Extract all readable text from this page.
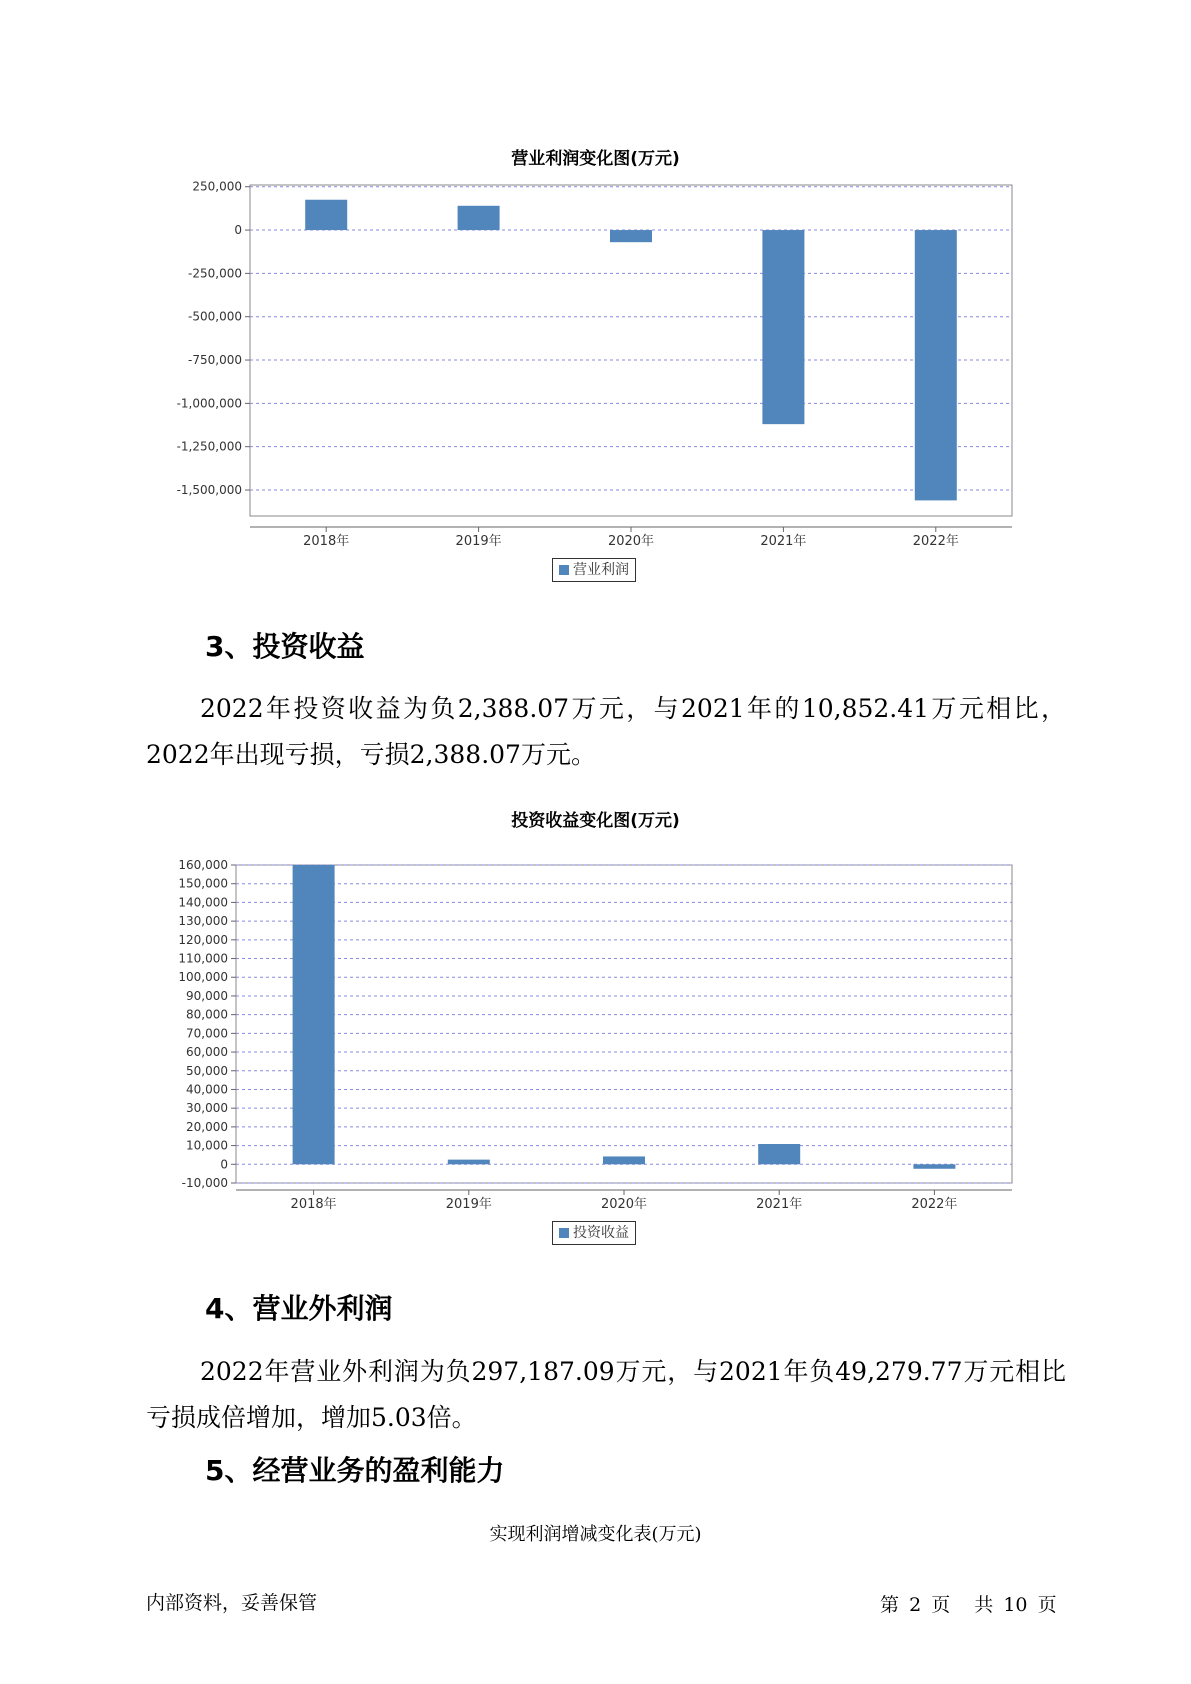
营业利润变化图(万元)
250,000
0
-250,000
-500,000
-750,000
-1,000,000
-1,250,000
-1,500,000
2018年	2019年	2020年	2021年	2022年
营业利润
3、投资收益

2022年投资收益为负2,388.07万元，与2021年的10,852.41万元相比，2022年出现亏损，亏损2,388.07万元。

投资收益变化图(万元)
160,000
150,000
140,000
130,000
120,000
110,000
100,000
90,000
80,000
70,000
60,000
50,000
40,000
30,000
20,000
10,000
0
-10,000
2018年	2019年	2020年	2021年	2022年
投资收益
4、营业外利润

2022年营业外利润为负297,187.09万元，与2021年负49,279.77万元相比亏损成倍增加，增加5.03倍。

5、经营业务的盈利能力
实现利润增减变化表(万元)
内部资料，妥善保管	第 2 页 共 10 页
